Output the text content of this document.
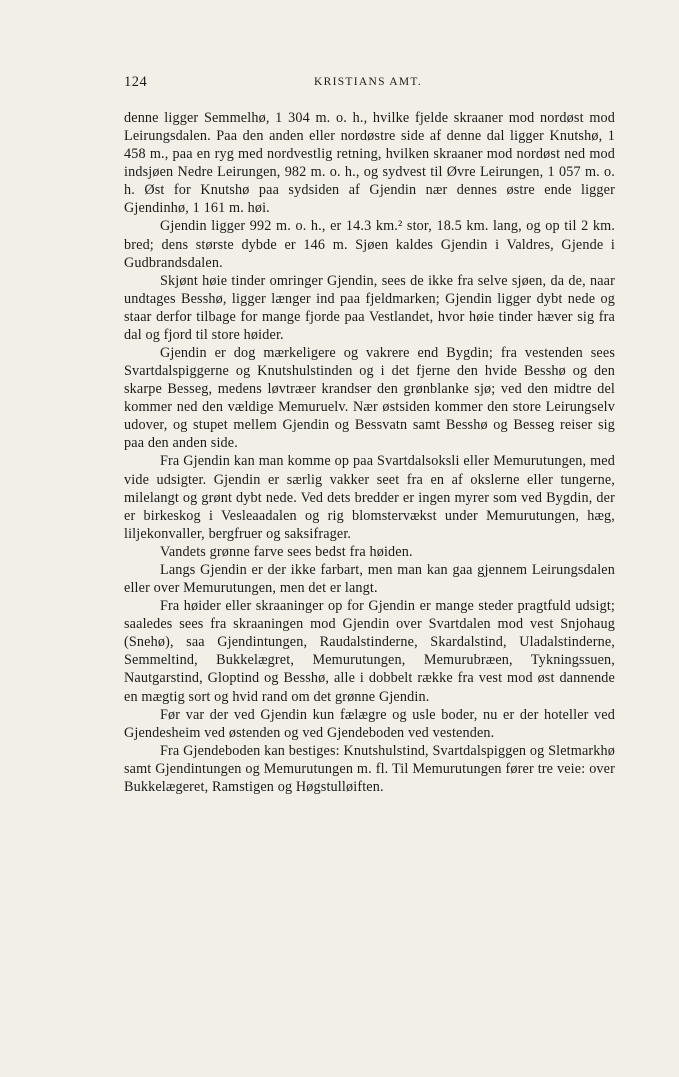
124	KRISTIANS AMT.

denne ligger Semmelhø, 1 304 m. o. h., hvilke fjelde skraaner mod nordøst mod Leirungsdalen. Paa den anden eller nordøstre side af denne dal ligger Knutshø, 1 458 m., paa en ryg med nordvestlig retning, hvilken skraaner mod nordøst ned mod indsjøen Nedre Leirungen, 982 m. o. h., og sydvest til Øvre Leirungen, 1 057 m. o. h. Øst for Knutshø paa sydsiden af Gjendin nær dennes østre ende ligger Gjendinhø, 1 161 m. høi.

Gjendin ligger 992 m. o. h., er 14.3 km.² stor, 18.5 km. lang, og op til 2 km. bred; dens største dybde er 146 m. Sjøen kaldes Gjendin i Valdres, Gjende i Gudbrandsdalen.

Skjønt høie tinder omringer Gjendin, sees de ikke fra selve sjøen, da de, naar undtages Besshø, ligger længer ind paa fjeldmarken; Gjendin ligger dybt nede og staar derfor tilbage for mange fjorde paa Vestlandet, hvor høie tinder hæver sig fra dal og fjord til store høider.

Gjendin er dog mærkeligere og vakrere end Bygdin; fra vestenden sees Svartdalspiggerne og Knutshulstinden og i det fjerne den hvide Besshø og den skarpe Besseg, medens løvtræer krandser den grønblanke sjø; ved den midtre del kommer ned den vældige Memuruelv. Nær østsiden kommer den store Leirungselv udover, og stupet mellem Gjendin og Bessvatn samt Besshø og Besseg reiser sig paa den anden side.

Fra Gjendin kan man komme op paa Svartdalsoksli eller Memurutungen, med vide udsigter. Gjendin er særlig vakker seet fra en af okslerne eller tungerne, milelangt og grønt dybt nede. Ved dets bredder er ingen myrer som ved Bygdin, der er birkeskog i Vesleaadalen og rig blomstervækst under Memurutungen, hæg, liljekonvaller, bergfruer og saksifrager.

Vandets grønne farve sees bedst fra høiden.

Langs Gjendin er der ikke farbart, men man kan gaa gjennem Leirungsdalen eller over Memurutungen, men det er langt.

Fra høider eller skraaninger op for Gjendin er mange steder pragtfuld udsigt; saaledes sees fra skraaningen mod Gjendin over Svartdalen mod vest Snjohaug (Snehø), saa Gjendintungen, Raudalstinderne, Skardalstind, Uladalstinderne, Semmeltind, Bukkelægret, Memurutungen, Memurubræen, Tykningssuen, Nautgarstind, Gloptind og Besshø, alle i dobbelt række fra vest mod øst dannende en mægtig sort og hvid rand om det grønne Gjendin.

Før var der ved Gjendin kun fælægre og usle boder, nu er der hoteller ved Gjendesheim ved østenden og ved Gjendeboden ved vestenden.

Fra Gjendeboden kan bestiges: Knutshulstind, Svartdalspiggen og Sletmarkhø samt Gjendintungen og Memurutungen m. fl. Til Memurutungen fører tre veie: over Bukkelægeret, Ramstigen og Høgstulløiften.
